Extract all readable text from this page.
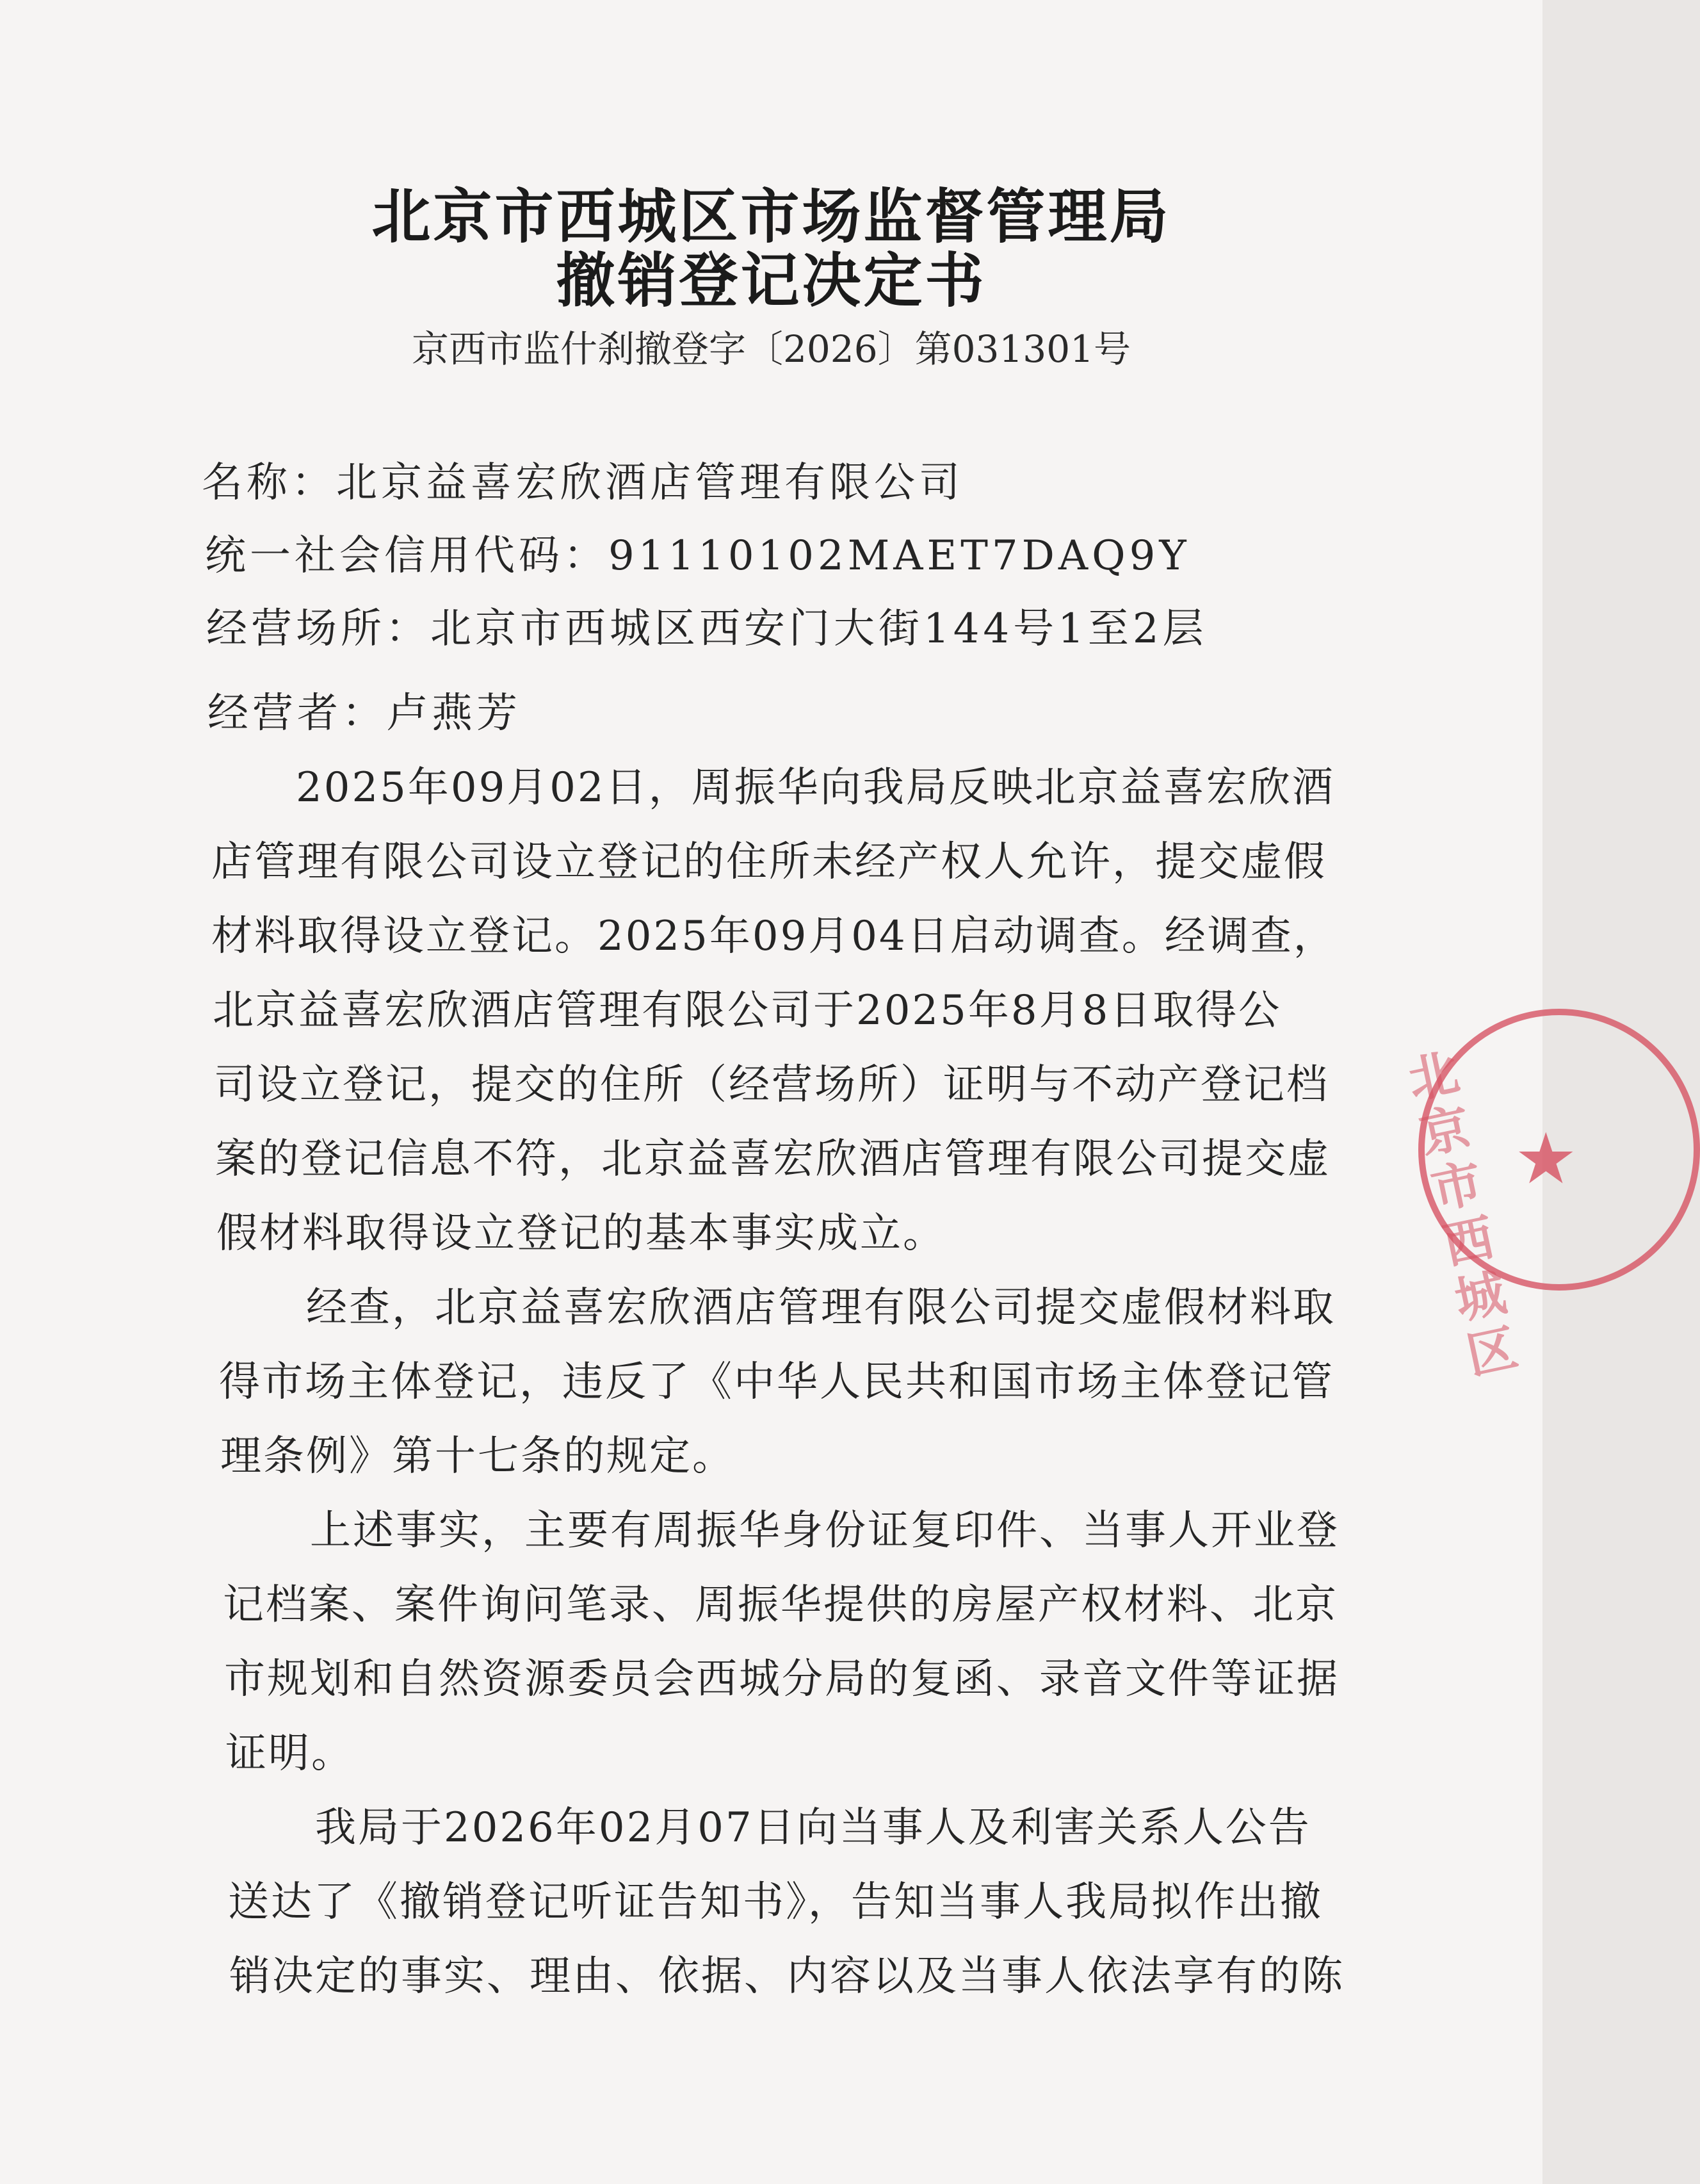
北京市西城区市场监督管理局
撤销登记决定书
京西市监什刹撤登字〔2026〕第031301号
名称：北京益喜宏欣酒店管理有限公司
统一社会信用代码：91110102MAET7DAQ9Y
经营场所：北京市西城区西安门大街144号1至2层
经营者：卢燕芳
2025年09月02日，周振华向我局反映北京益喜宏欣酒
店管理有限公司设立登记的住所未经产权人允许，提交虚假
材料取得设立登记。2025年09月04日启动调查。经调查，
北京益喜宏欣酒店管理有限公司于2025年8月8日取得公
司设立登记，提交的住所（经营场所）证明与不动产登记档
案的登记信息不符，北京益喜宏欣酒店管理有限公司提交虚
假材料取得设立登记的基本事实成立。
经查，北京益喜宏欣酒店管理有限公司提交虚假材料取
得市场主体登记，违反了《中华人民共和国市场主体登记管
理条例》第十七条的规定。
上述事实，主要有周振华身份证复印件、当事人开业登
记档案、案件询问笔录、周振华提供的房屋产权材料、北京
市规划和自然资源委员会西城分局的复函、录音文件等证据
证明。
我局于2026年02月07日向当事人及利害关系人公告
送达了《撤销登记听证告知书》，告知当事人我局拟作出撤
销决定的事实、理由、依据、内容以及当事人依法享有的陈
北京市西城区
★
